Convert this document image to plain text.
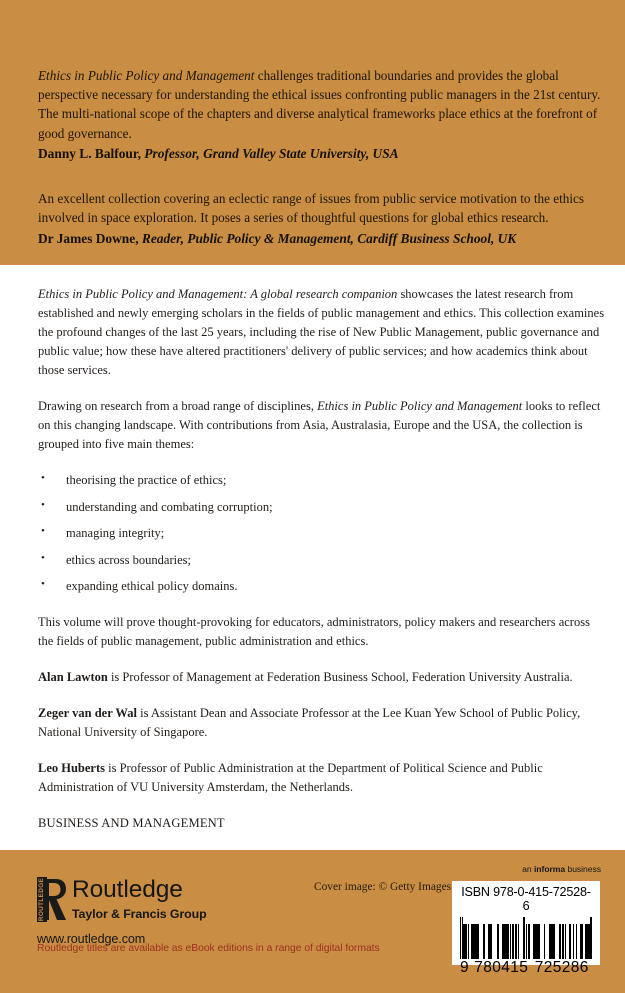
Ethics in Public Policy and Management challenges traditional boundaries and provides the global perspective necessary for understanding the ethical issues confronting public managers in the 21st century. The multi-national scope of the chapters and diverse analytical frameworks place ethics at the forefront of good governance.
Danny L. Balfour, Professor, Grand Valley State University, USA
An excellent collection covering an eclectic range of issues from public service motivation to the ethics involved in space exploration. It poses a series of thoughtful questions for global ethics research.
Dr James Downe, Reader, Public Policy & Management, Cardiff Business School, UK

Ethics in Public Policy and Management: A global research companion showcases the latest research from established and newly emerging scholars in the fields of public management and ethics. This collection examines the profound changes of the last 25 years, including the rise of New Public Management, public governance and public value; how these have altered practitioners' delivery of public services; and how academics think about those services.

Drawing on research from a broad range of disciplines, Ethics in Public Policy and Management looks to reflect on this changing landscape. With contributions from Asia, Australasia, Europe and the USA, the collection is grouped into five main themes:

• theorising the practice of ethics;
• understanding and combating corruption;
• managing integrity;
• ethics across boundaries;
• expanding ethical policy domains.

This volume will prove thought-provoking for educators, administrators, policy makers and researchers across the fields of public management, public administration and ethics.

Alan Lawton is Professor of Management at Federation Business School, Federation University Australia.

Zeger van der Wal is Assistant Dean and Associate Professor at the Lee Kuan Yew School of Public Policy, National University of Singapore.

Leo Huberts is Professor of Public Administration at the Department of Political Science and Public Administration of VU University Amsterdam, the Netherlands.

BUSINESS AND MANAGEMENT

ROUTLEDGE Routledge
Taylor & Francis Group
www.routledge.com
Routledge titles are available as eBook editions in a range of digital formats
Cover image: © Getty Images
an informa business
ISBN 978-0-415-72528-6
9 780415 725286
